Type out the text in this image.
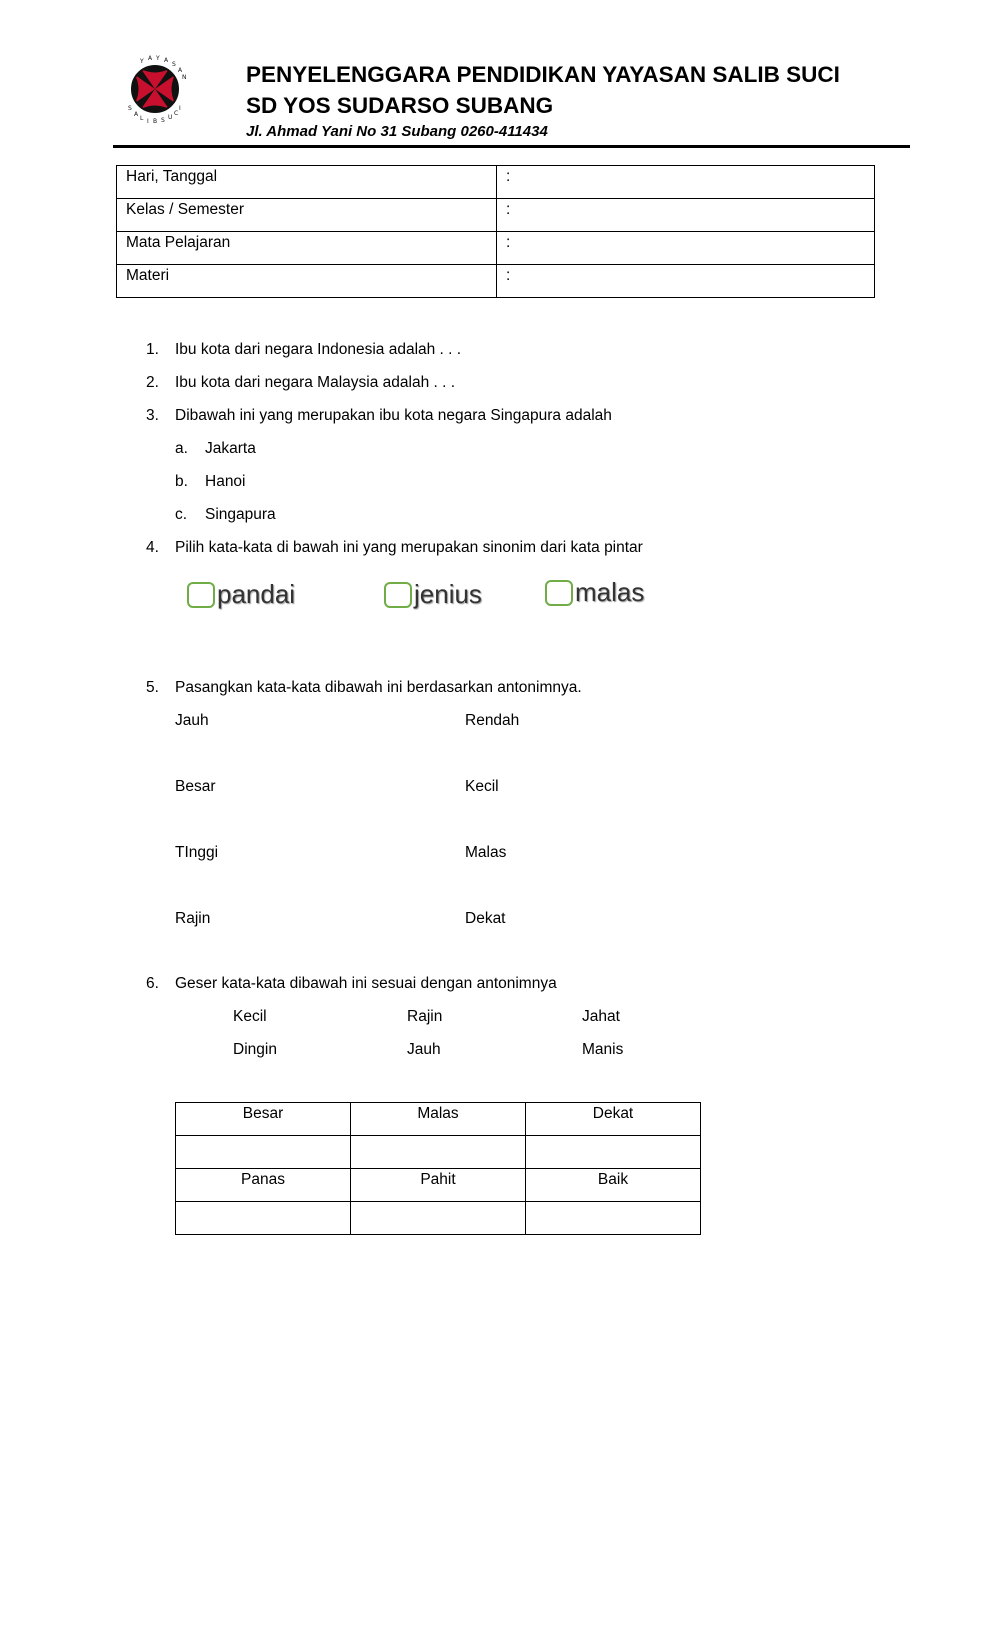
Y A Y A
S
A
N
S
A
L I B S U
C
I
PENYELENGGARA PENDIDIKAN YAYASAN SALIB SUCI
SD YOS SUDARSO SUBANG
Jl. Ahmad Yani No 31 Subang 0260-411434
Hari, Tanggal	:
Kelas / Semester	:
Mata Pelajaran	:
Materi	:
1. Ibu kota dari negara Indonesia adalah . . .
2. Ibu kota dari negara Malaysia adalah . . .
3. Dibawah ini yang merupakan ibu kota negara Singapura adalah
a. Jakarta
b. Hanoi
c. Singapura
4. Pilih kata-kata di bawah ini yang merupakan sinonim dari kata pintar
pandai	jenius	malas
5. Pasangkan kata-kata dibawah ini berdasarkan antonimnya.
Jauh	Rendah
Besar	Kecil
TInggi	Malas
Rajin	Dekat
6. Geser kata-kata dibawah ini sesuai dengan antonimnya
Kecil	Rajin	Jahat
Dingin	Jauh	Manis
Besar	Malas	Dekat

Panas	Pahit	Baik
